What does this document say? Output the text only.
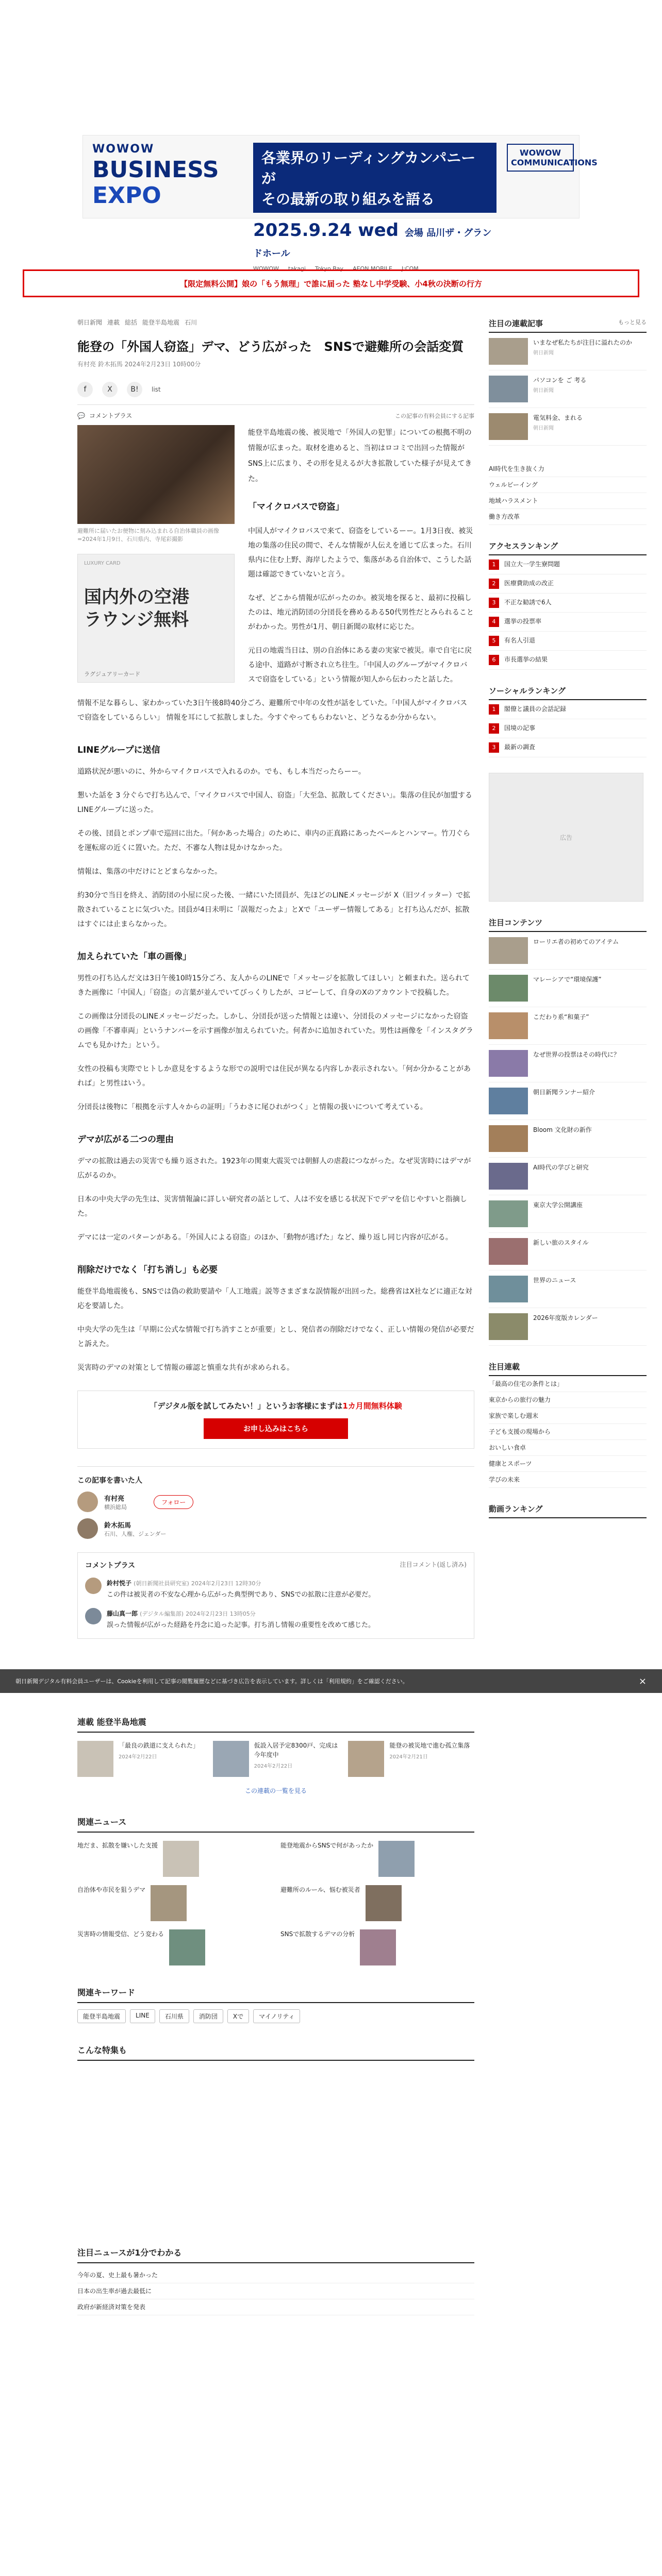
WOWOW
BUSINESS
EXPO
各業界のリーディングカンパニーが
その最新の取り組みを語る
2025.9.24 wed 会場 品川ザ・グランドホール
WOWOW takagi Tokyo Bay AEON MOBILE J:COM
WOWOW COMMUNICATIONS
【限定無料公開】娘の「もう無理」で誰に届った 塾なし中学受験、小4秋の決断の行方
朝日新聞 連載 総括 能登半島地震 石川
能登の「外国人窃盗」デマ、どう広がった　SNSで避難所の会話変質
有村亮 鈴木拓馬 2024年2月23日 10時00分
f	X	B!	list
💬 コメントプラス	この記事の有料会員にする記事
避難所に届いたお便物に刻み込まれる自治体職員の画像=2024年1月9日、石川県内、寺尾彩撮影
LUXURY CARD
国内外の空港
ラウンジ無料
ラグジュアリーカード

能登半島地震の後、被災地で「外国人の犯罪」についての根拠不明の情報が広まった。取材を進めると、当初はロコミで出回った情報がSNS上に広まり、その形を見えるが大き拡散していた様子が見えてきた。

「マイクロバスで窃盗」

中国人がマイクロバスで来て、窃盗をしているーー。1月3日夜、被災地の集落の住民の間で、そんな情報が人伝えを通じて広まった。石川県内に住む上野、海岸したようで、集落がある自治体で、こうした話題は確認できていないと言う。

なぜ、どこから情報が広がったのか。被災地を探ると、最初に投稿したのは、地元消防団の分団長を務めるある50代男性だとみられることがわかった。男性が1月、朝日新聞の取材に応じた。

元日の地震当日は、別の自治体にある妻の実家で被災。車で自宅に戻る途中、道路が寸断され立ち往生。「中国人のグループがマイクロバスで窃盗をしている」という情報が知人から伝わったと話した。

情報不足な暮らし、家わかっていた3日午後8時40分ごろ、避難所で中年の女性が話をしていた。「中国人がマイクロバスで窃盗をしているらしい」 情報を耳にして拡散しました。今すぐやってもらわないと、どうなるか分からない。

LINEグループに送信

道路状況が悪いのに、外からマイクロバスで入れるのか。でも、もし本当だったらーー。

懇いた話を 3 分ぐらで打ち込んで、「マイクロバスで中国人、窃盗」「大至急、拡散してください」。集落の住民が加盟するLINEグループに送った。

その後、団員とポンプ車で巡回に出た。「何かあった場合」のために、車内の正真路にあったベールとハンマー。竹刀ぐらを運転席の近くに置いた。ただ、不審な人物は見かけなかった。

情報は、集落の中だけにとどまらなかった。

約30分で当日を終え、消防団の小屋に戻った後、一緒にいた団員が、先ほどのLINEメッセージが X（旧ツイッター）で拡散されていることに気づいた。団員が4日未明に「誤報だったよ」とXで「ユーザー情報してある」と打ち込んだが、拡散はすぐには止まらなかった。

加えられていた「車の画像」

男性の打ち込んだ文は3日午後10時15分ごろ、友人からのLINEで「メッセージを拡散してほしい」と頼まれた。送られてきた画像に「中国人」「窃盗」の言葉が並んでいてびっくりしたが、コピーして、自身のXのアカウントで投稿した。

この画像は分団長のLINEメッセージだった。しかし、分団長が送った情報とは違い、分団長のメッセージになかった窃盗の画像「不審車両」というナンバーを示す画像が加えられていた。何者かに追加されていた。男性は画像を「インスタグラムでも見かけた」という。

女性の投稿も実際でヒトしか意見をするような形での説明では住民が異なる内容しか表示されない。「何か分かることがあれば」と男性はいう。

分団長は後物に「根拠を示す人々からの証明」「うわさに尾ひれがつく」と情報の扱いについて考えている。

デマが広がる二つの理由

デマの拡散は過去の災害でも繰り返された。1923年の関東大震災では朝鮮人の虐殺につながった。なぜ災害時にはデマが広がるのか。

日本の中央大学の先生は、災害情報論に詳しい研究者の話として、人は不安を感じる状況下でデマを信じやすいと指摘した。

デマには一定のパターンがある。「外国人による窃盗」のほか、「動物が逃げた」など、繰り返し同じ内容が広がる。

削除だけでなく「打ち消し」も必要

能登半島地震後も、SNSでは偽の救助要請や「人工地震」説等さまざまな誤情報が出回った。総務省はX社などに適正な対応を要請した。

中央大学の先生は「早期に公式な情報で打ち消すことが重要」とし、発信者の削除だけでなく、正しい情報の発信が必要だと訴えた。

災害時のデマの対策として情報の確認と慎重な共有が求められる。

「デジタル版を試してみたい！」というお客様にまずは1カ月間無料体験
お申し込みはこちら
この記事を書いた人
有村亮
横浜総局
フォロー
鈴木拓馬
石川、人権、ジェンダー
コメントプラス	注目コメント(返し済み)
鈴村悦子 (朝日新聞社員研究室) 2024年2月23日 12時30分
この件は被災者の不安な心理から広がった典型例であり、SNSでの拡散に注意が必要だ。
藤山真一郎 (デジタル編集部) 2024年2月23日 13時05分
誤った情報が広がった経路を丹念に追った記事。打ち消し情報の重要性を改めて感じた。
注目の連載記事	もっと見る
いまなぜ私たちが注目に溢れたのか
朝日新聞
パソコンを ご 考る
朝日新聞
電気料金、まれる
朝日新聞
AI時代を生き抜く力
ウェルビーイング
地域ハラスメント
働き方改革
アクセスランキング
1	国立大一学生寮問題
2	医療費助成の改正
3	不正な勧誘で6人
4	選挙の投票率
5	有名人引退
6	市長選挙の結果
ソーシャルランキング
1	閣僚と議員の会話記録
2	国境の記事
3	最新の調査
広告
注目コンテンツ
ローリエ者の初めてのアイテム
マレーシアで“環境保護”
こだわり系“和菓子”
なぜ世界の投票はその時代に？
朝日新聞ランナー紹介
Bloom 文化財の新作
AI時代の学びと研究
東京大学公開講座
新しい旅のスタイル
世界のニュース
2026年度版カレンダー
注目連載
「最高の住宅の条件とは」
東京からの旅行の魅力
家族で楽しむ週末
子ども支援の現場から
おいしい食卓
健康とスポーツ
学びの未来
動画ランキング
朝日新聞デジタル有料会員ユーザーは、Cookieを利用して記事の閲覧履歴などに基づき広告を表示しています。詳しくは「利用規約」をご確認ください。	×
連載 能登半島地震
「最良の鉄道に支えられた」
2024年2月22日
仮設入居予定8300戸、完成は今年度中
2024年2月22日
能登の被災地で進む孤立集落
2024年2月21日
この連載の一覧を見る
関連ニュース
地だま、拡散を嫌いした支援	能登地震からSNSで何があったか
自治体や市民を狙うデマ	避難所のルール、悩む被災者
災害時の情報受信、どう変わる	SNSで拡散するデマの分析
関連キーワード
能登半島地震	LINE	石川県	消防団	Xで	マイノリティ
こんな特集も
注目ニュースが1分でわかる
今年の夏、史上最も暑かった
日本の出生率が過去最低に
政府が新経済対策を発表
